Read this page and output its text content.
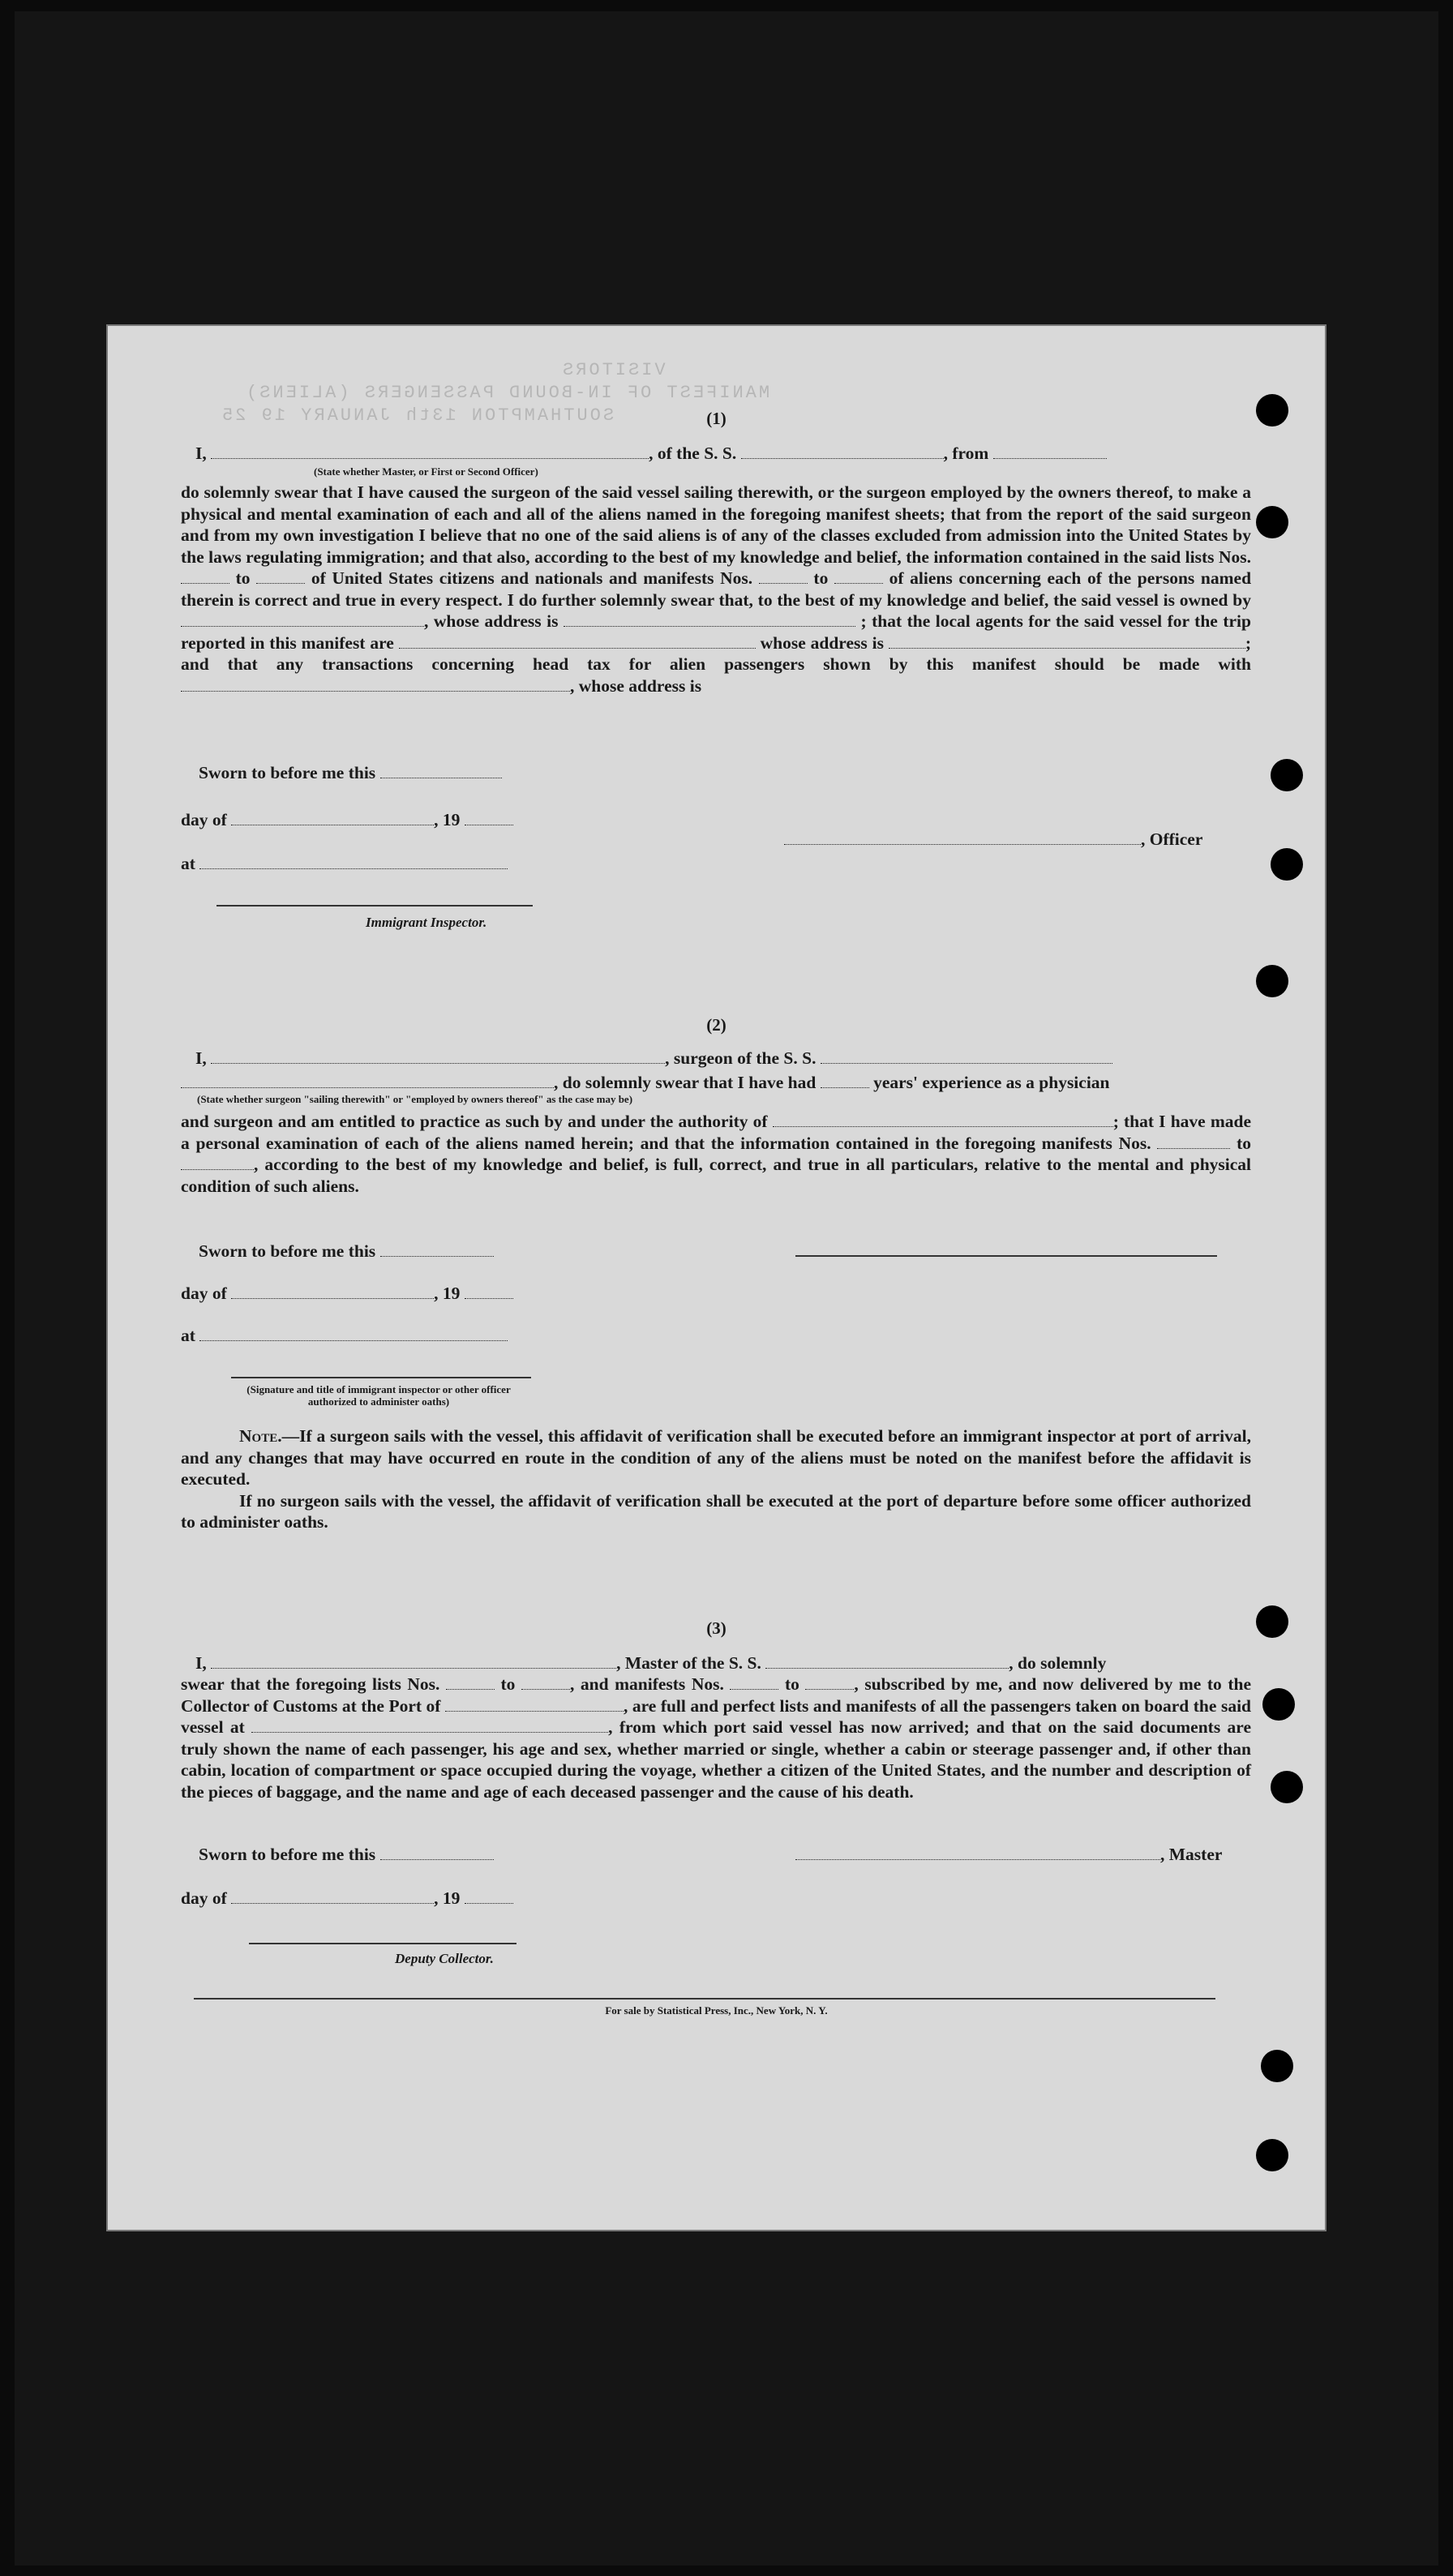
MANIFEST OF IN-BOUND PASSENGERS (ALIENS)
SOUTHAMPTON 13th JANUARY 19 25
VISITORS
(1)
I,	, of the S. S.	, from
(State whether Master, or First or Second Officer)
do solemnly swear that I have caused the surgeon of the said vessel sailing therewith, or the surgeon employed by the owners thereof, to make a physical and mental examination of each and all of the aliens named in the foregoing manifest sheets; that from the report of the said surgeon and from my own investigation I believe that no one of the said aliens is of any of the classes excluded from admission into the United States by the laws regulating immigration; and that also, according to the best of my knowledge and belief, the information contained in the said lists Nos.  to	of United States citizens and nationals and manifests Nos.	to	of aliens concerning each of the persons named therein is correct and true in every respect. I do further solemnly swear that, to the best of my knowledge and belief, the said vessel is owned by , whose address is	; that the local agents for the said vessel for the trip reported in this manifest are	whose address is	; and that any transactions concerning head tax for alien passengers shown by this manifest should be made with , whose address is
Sworn to before me this
day of	, 19
at
, Officer
Immigrant Inspector.
(2)
I,	, surgeon of the S. S.
, do solemnly swear that I have had	years' experience as a physician
(State whether surgeon "sailing therewith" or "employed by owners thereof" as the case may be)
and surgeon and am entitled to practice as such by and under the authority of	; that I have made a personal examination of each of the aliens named herein; and that the information contained in the foregoing manifests Nos.	to , according to the best of my knowledge and belief, is full, correct, and true in all particulars, relative to the mental and physical condition of such aliens.
Sworn to before me this
day of	, 19
at
(Signature and title of immigrant inspector or other officer authorized to administer oaths)
Note.—If a surgeon sails with the vessel, this affidavit of verification shall be executed before an immigrant inspector at port of arrival, and any changes that may have occurred en route in the condition of any of the aliens must be noted on the manifest before the affidavit is executed.
If no surgeon sails with the vessel, the affidavit of verification shall be executed at the port of departure before some officer authorized to administer oaths.
(3)
I,	, Master of the S. S.	, do solemnly
swear that the foregoing lists Nos.	to	, and manifests Nos.	to	, subscribed by me, and now delivered by me to the Collector of Customs at the Port of	, are full and perfect lists and manifests of all the passengers taken on board the said vessel at	, from which port said vessel has now arrived; and that on the said documents are truly shown the name of each passenger, his age and sex, whether married or single, whether a cabin or steerage passenger and, if other than cabin, location of compartment or space occupied during the voyage, whether a citizen of the United States, and the number and description of the pieces of baggage, and the name and age of each deceased passenger and the cause of his death.
Sworn to before me this
day of	, 19
, Master
Deputy Collector.
For sale by Statistical Press, Inc., New York, N. Y.
